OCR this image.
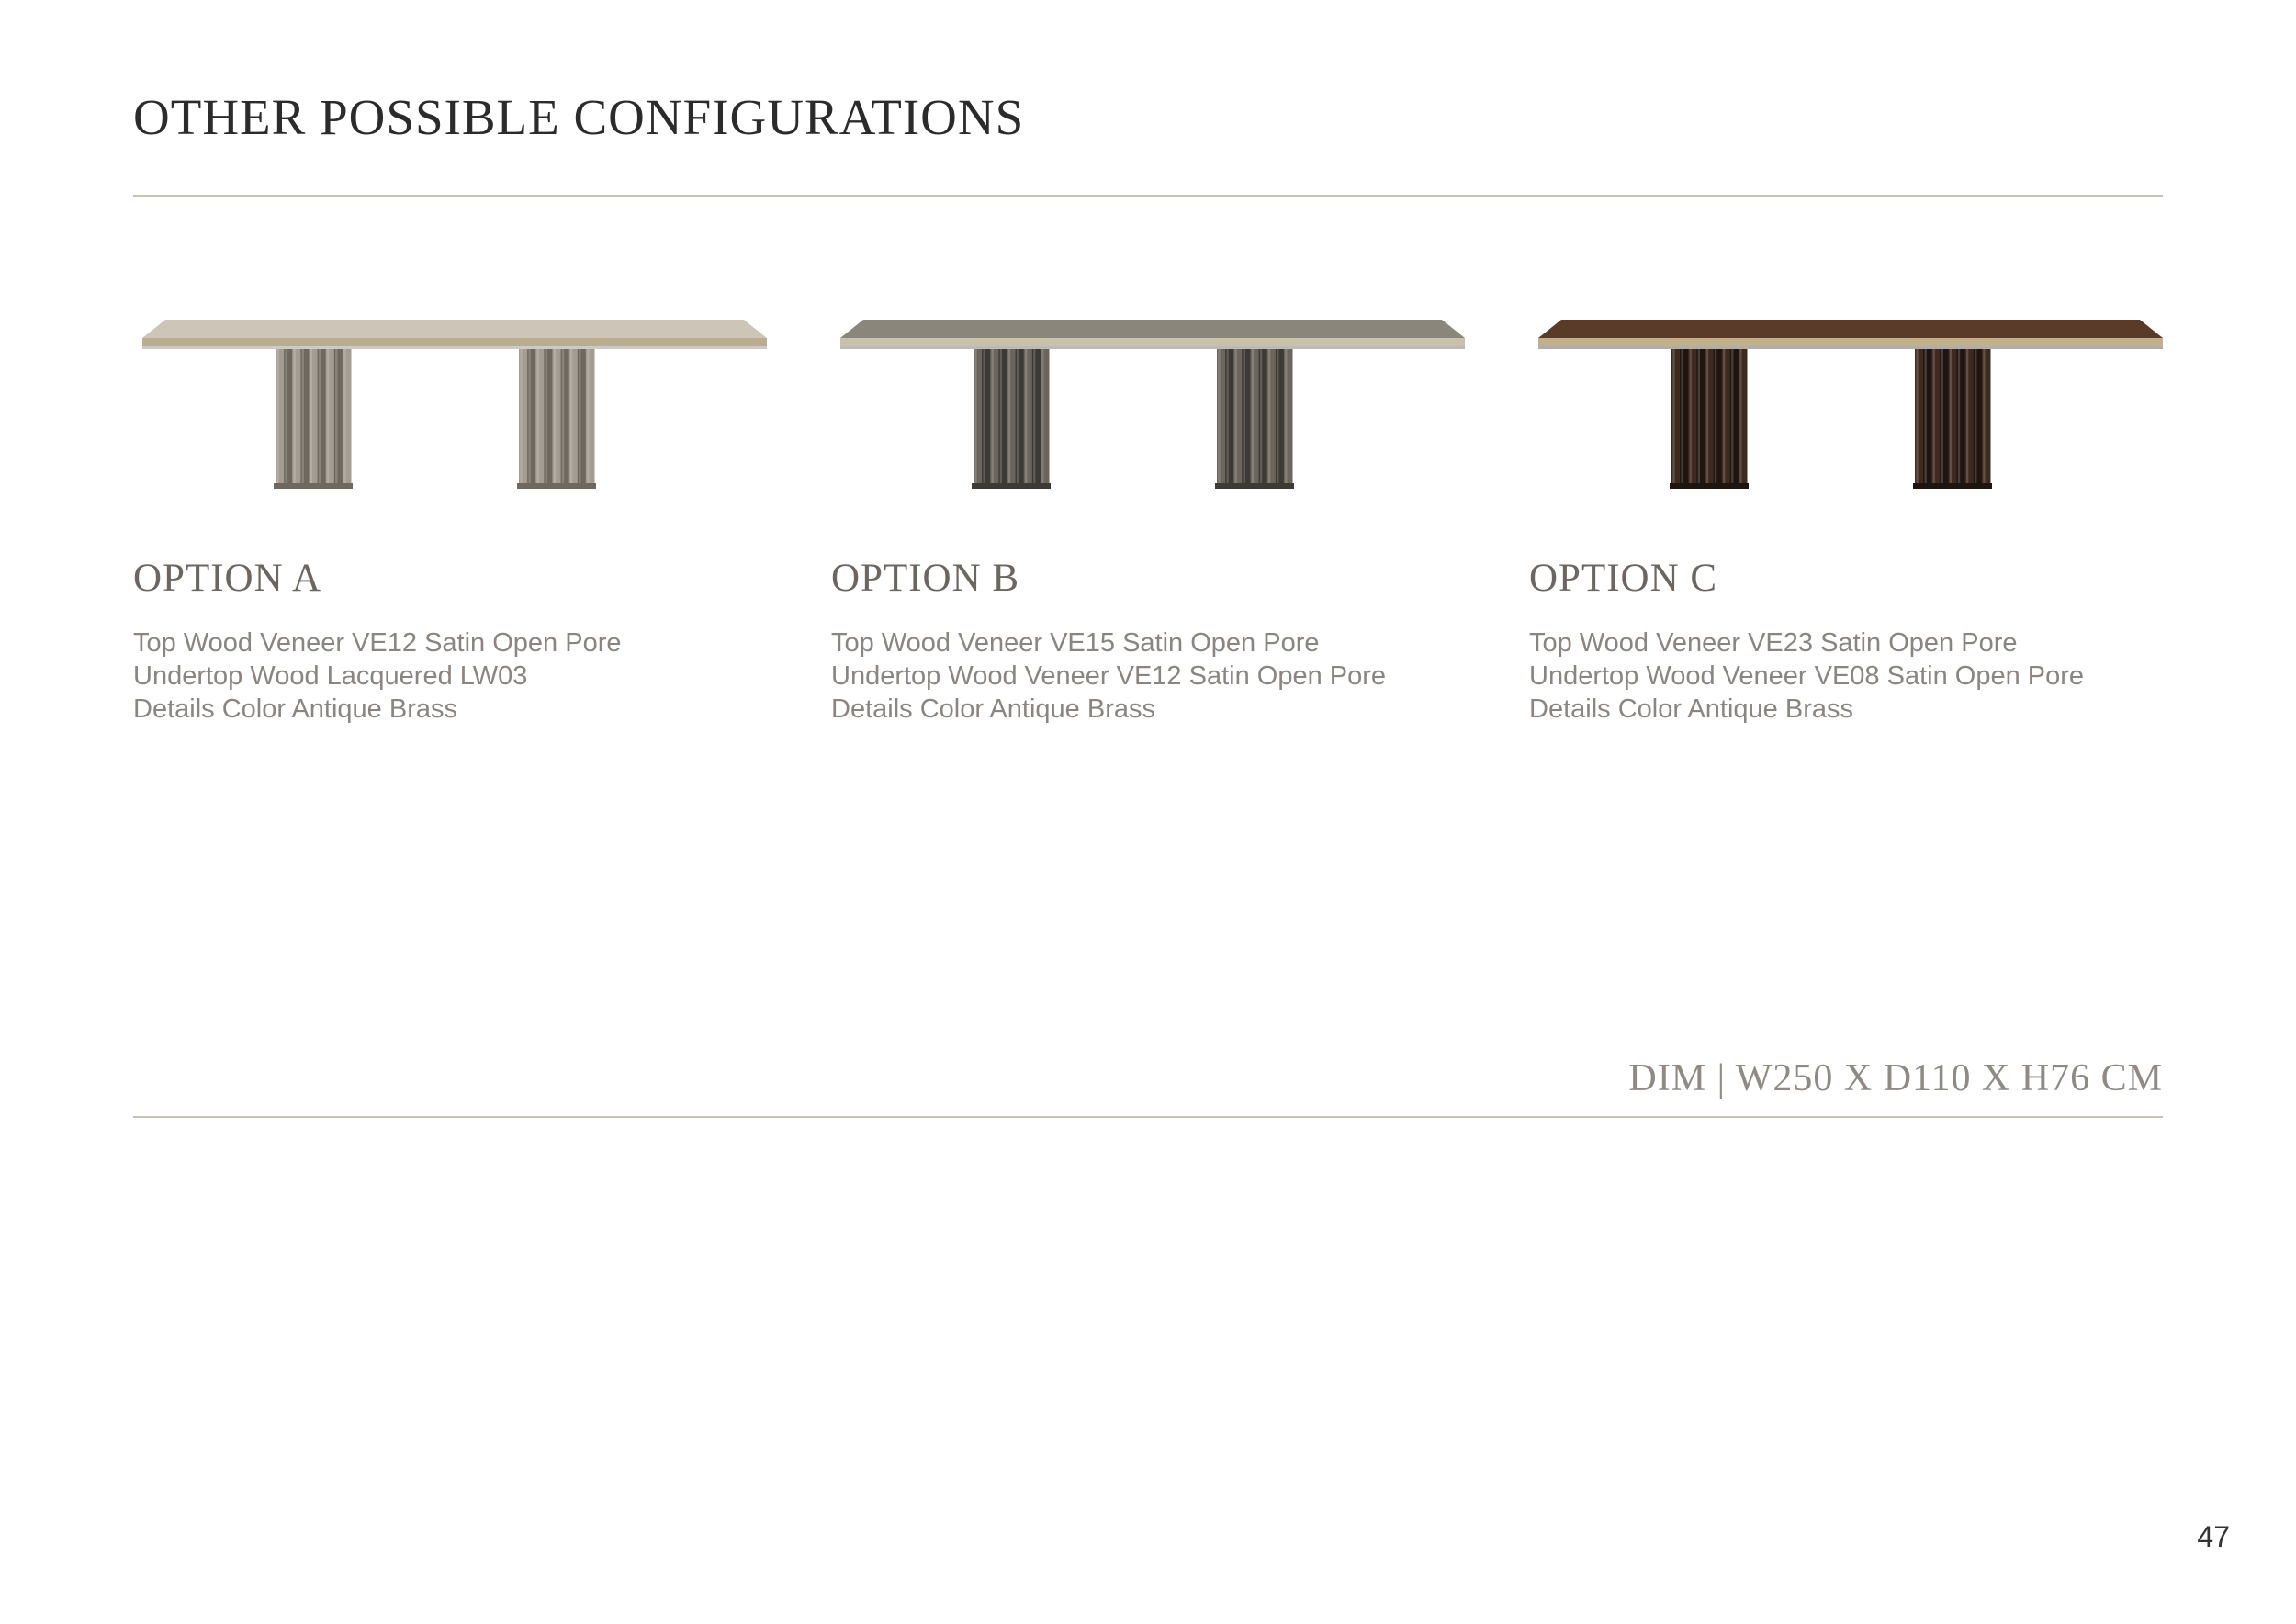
OTHER POSSIBLE CONFIGURATIONS
OPTION A
Top Wood Veneer VE12 Satin Open Pore
Undertop Wood Lacquered LW03
Details Color Antique Brass
OPTION B
Top Wood Veneer VE15 Satin Open Pore
Undertop Wood Veneer VE12 Satin Open Pore
Details Color Antique Brass
OPTION C
Top Wood Veneer VE23 Satin Open Pore
Undertop Wood Veneer VE08 Satin Open Pore
Details Color Antique Brass
DIM | W250 X D110 X H76 CM
47
